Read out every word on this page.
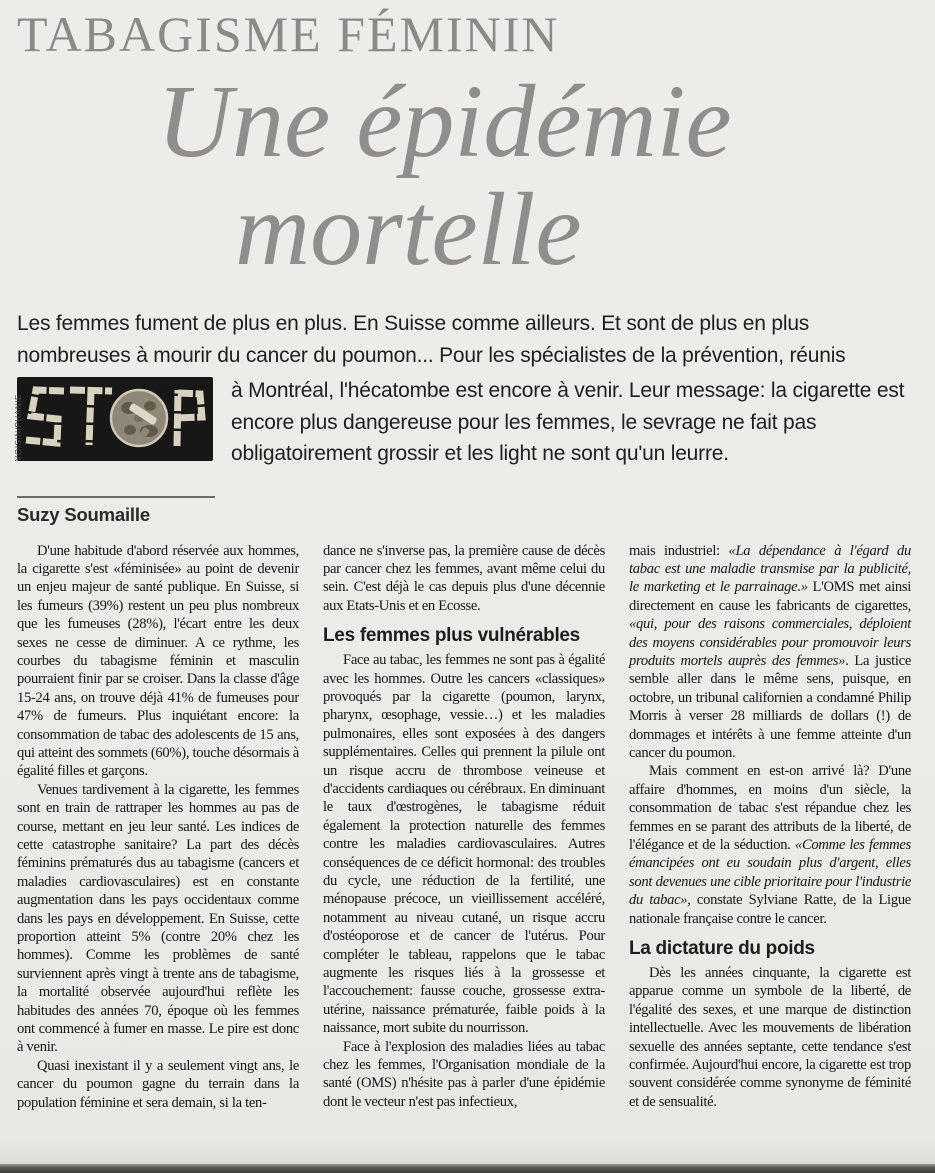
TABAGISME FÉMININ
Une épidémie
mortelle

Les femmes fument de plus en plus. En Suisse comme ailleurs. Et sont de plus en plus nombreuses à mourir du cancer du poumon... Pour les spécialistes de la prévention, réunis

VOISIN/PHANIE

à Montréal, l'hécatombe est encore à venir. Leur message: la cigarette est encore plus dangereuse pour les femmes, le sevrage ne fait pas obligatoirement grossir et les light ne sont qu'un leurre.

Suzy Soumaille

D'une habitude d'abord réservée aux hommes, la cigarette s'est «féminisée» au point de devenir un enjeu majeur de santé publique. En Suisse, si les fumeurs (39%) restent un peu plus nombreux que les fumeuses (28%), l'écart entre les deux sexes ne cesse de diminuer. A ce rythme, les courbes du tabagisme féminin et masculin pourraient finir par se croiser. Dans la classe d'âge 15-24 ans, on trouve déjà 41% de fumeuses pour 47% de fumeurs. Plus inquiétant encore: la consommation de tabac des adolescents de 15 ans, qui atteint des sommets (60%), touche désormais à égalité filles et garçons.

Venues tardivement à la cigarette, les femmes sont en train de rattraper les hommes au pas de course, mettant en jeu leur santé. Les indices de cette catastrophe sanitaire? La part des décès féminins prématurés dus au tabagisme (cancers et maladies cardiovasculaires) est en constante augmentation dans les pays occidentaux comme dans les pays en développement. En Suisse, cette proportion atteint 5% (contre 20% chez les hommes). Comme les problèmes de santé surviennent après vingt à trente ans de tabagisme, la mortalité observée aujourd'hui reflète les habitudes des années 70, époque où les femmes ont commencé à fumer en masse. Le pire est donc à venir.

Quasi inexistant il y a seulement vingt ans, le cancer du poumon gagne du terrain dans la population féminine et sera demain, si la ten-

dance ne s'inverse pas, la première cause de décès par cancer chez les femmes, avant même celui du sein. C'est déjà le cas depuis plus d'une décennie aux Etats-Unis et en Ecosse.

Les femmes plus vulnérables

Face au tabac, les femmes ne sont pas à égalité avec les hommes. Outre les cancers «classiques» provoqués par la cigarette (poumon, larynx, pharynx, œsophage, vessie…) et les maladies pulmonaires, elles sont exposées à des dangers supplémentaires. Celles qui prennent la pilule ont un risque accru de thrombose veineuse et d'accidents cardiaques ou cérébraux. En diminuant le taux d'œstrogènes, le tabagisme réduit également la protection naturelle des femmes contre les maladies cardiovasculaires. Autres conséquences de ce déficit hormonal: des troubles du cycle, une réduction de la fertilité, une ménopause précoce, un vieillissement accéléré, notamment au niveau cutané, un risque accru d'ostéoporose et de cancer de l'utérus. Pour compléter le tableau, rappelons que le tabac augmente les risques liés à la grossesse et l'accouchement: fausse couche, grossesse extra-utérine, naissance prématurée, faible poids à la naissance, mort subite du nourrisson.

Face à l'explosion des maladies liées au tabac chez les femmes, l'Organisation mondiale de la santé (OMS) n'hésite pas à parler d'une épidémie dont le vecteur n'est pas infectieux,

mais industriel: «La dépendance à l'égard du tabac est une maladie transmise par la publicité, le marketing et le parrainage.» L'OMS met ainsi directement en cause les fabricants de cigarettes, «qui, pour des raisons commerciales, déploient des moyens considérables pour promouvoir leurs produits mortels auprès des femmes». La justice semble aller dans le même sens, puisque, en octobre, un tribunal californien a condamné Philip Morris à verser 28 milliards de dollars (!) de dommages et intérêts à une femme atteinte d'un cancer du poumon.

Mais comment en est-on arrivé là? D'une affaire d'hommes, en moins d'un siècle, la consommation de tabac s'est répandue chez les femmes en se parant des attributs de la liberté, de l'élégance et de la séduction. «Comme les femmes émancipées ont eu soudain plus d'argent, elles sont devenues une cible prioritaire pour l'industrie du tabac», constate Sylviane Ratte, de la Ligue nationale française contre le cancer.

La dictature du poids

Dès les années cinquante, la cigarette est apparue comme un symbole de la liberté, de l'égalité des sexes, et une marque de distinction intellectuelle. Avec les mouvements de libération sexuelle des années septante, cette tendance s'est confirmée. Aujourd'hui encore, la cigarette est trop souvent considérée comme synonyme de féminité et de sensualité.
